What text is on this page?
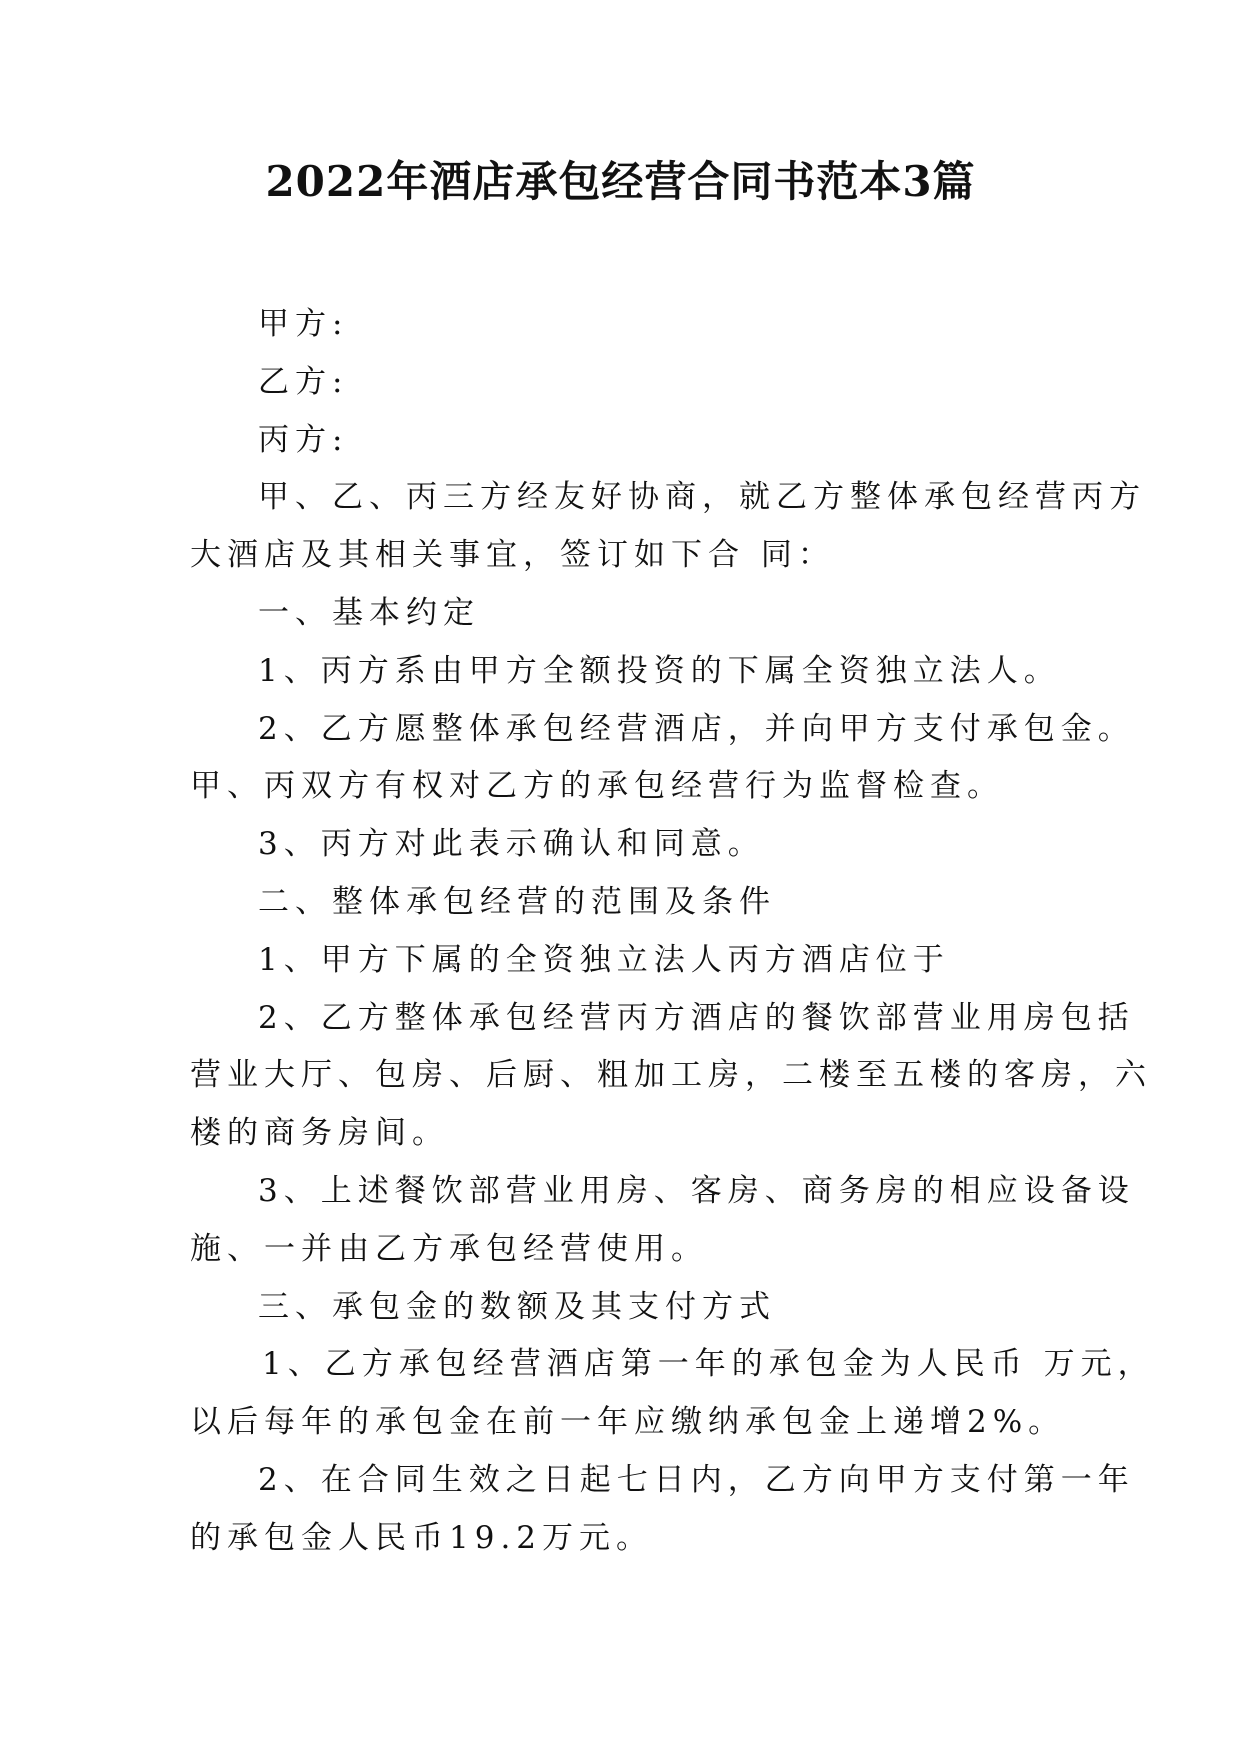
2022年酒店承包经营合同书范本3篇

甲方:

乙方:

丙方:

甲、乙、丙三方经友好协商，就乙方整体承包经营丙方

大酒店及其相关事宜，签订如下合 同：

一、基本约定

1、丙方系由甲方全额投资的下属全资独立法人。

2、乙方愿整体承包经营酒店，并向甲方支付承包金。

甲、丙双方有权对乙方的承包经营行为监督检查。

3、丙方对此表示确认和同意。

二、整体承包经营的范围及条件

1、甲方下属的全资独立法人丙方酒店位于

2、乙方整体承包经营丙方酒店的餐饮部营业用房包括

营业大厅、包房、后厨、粗加工房，二楼至五楼的客房，六

楼的商务房间。

3、上述餐饮部营业用房、客房、商务房的相应设备设

施、一并由乙方承包经营使用。

三、承包金的数额及其支付方式

1、乙方承包经营酒店第一年的承包金为人民币 万元，

以后每年的承包金在前一年应缴纳承包金上递增2%。

2、在合同生效之日起七日内，乙方向甲方支付第一年

的承包金人民币19.2万元。
